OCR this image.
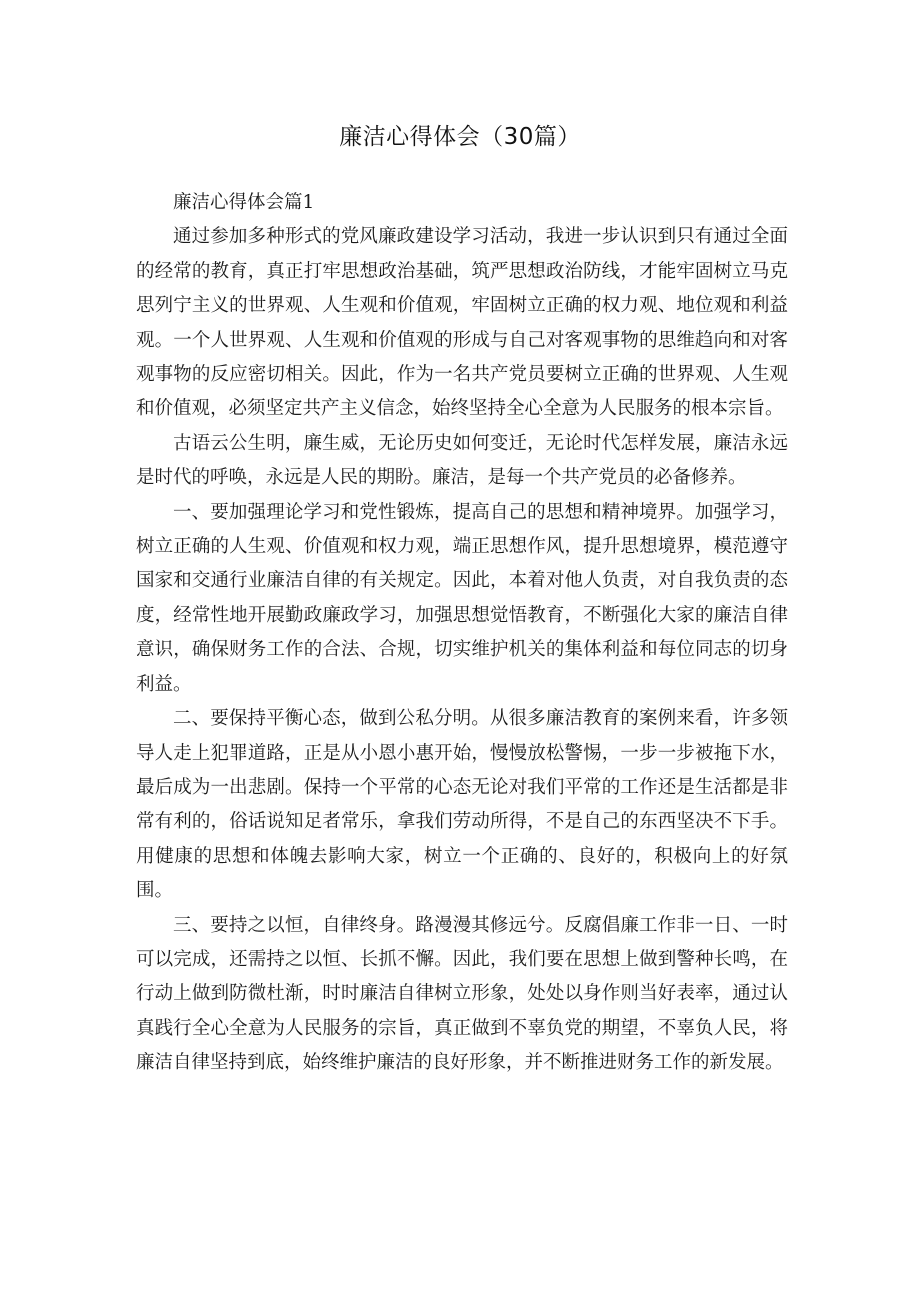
廉洁心得体会（30篇）

廉洁心得体会篇1

通过参加多种形式的党风廉政建设学习活动，我进一步认识到只有通过全面的经常的教育，真正打牢思想政治基础，筑严思想政治防线，才能牢固树立马克思列宁主义的世界观、人生观和价值观，牢固树立正确的权力观、地位观和利益观。一个人世界观、人生观和价值观的形成与自己对客观事物的思维趋向和对客观事物的反应密切相关。因此，作为一名共产党员要树立正确的世界观、人生观和价值观，必须坚定共产主义信念，始终坚持全心全意为人民服务的根本宗旨。

古语云公生明，廉生威，无论历史如何变迁，无论时代怎样发展，廉洁永远是时代的呼唤，永远是人民的期盼。廉洁，是每一个共产党员的必备修养。

一、要加强理论学习和党性锻炼，提高自己的思想和精神境界。加强学习，树立正确的人生观、价值观和权力观，端正思想作风，提升思想境界，模范遵守国家和交通行业廉洁自律的有关规定。因此，本着对他人负责，对自我负责的态度，经常性地开展勤政廉政学习，加强思想觉悟教育，不断强化大家的廉洁自律意识，确保财务工作的合法、合规，切实维护机关的集体利益和每位同志的切身利益。

二、要保持平衡心态，做到公私分明。从很多廉洁教育的案例来看，许多领导人走上犯罪道路，正是从小恩小惠开始，慢慢放松警惕，一步一步被拖下水，最后成为一出悲剧。保持一个平常的心态无论对我们平常的工作还是生活都是非常有利的，俗话说知足者常乐，拿我们劳动所得，不是自己的东西坚决不下手。用健康的思想和体魄去影响大家，树立一个正确的、良好的，积极向上的好氛围。

三、要持之以恒，自律终身。路漫漫其修远兮。反腐倡廉工作非一日、一时可以完成，还需持之以恒、长抓不懈。因此，我们要在思想上做到警种长鸣，在行动上做到防微杜渐，时时廉洁自律树立形象，处处以身作则当好表率，通过认真践行全心全意为人民服务的宗旨，真正做到不辜负党的期望，不辜负人民，将廉洁自律坚持到底，始终维护廉洁的良好形象，并不断推进财务工作的新发展。
